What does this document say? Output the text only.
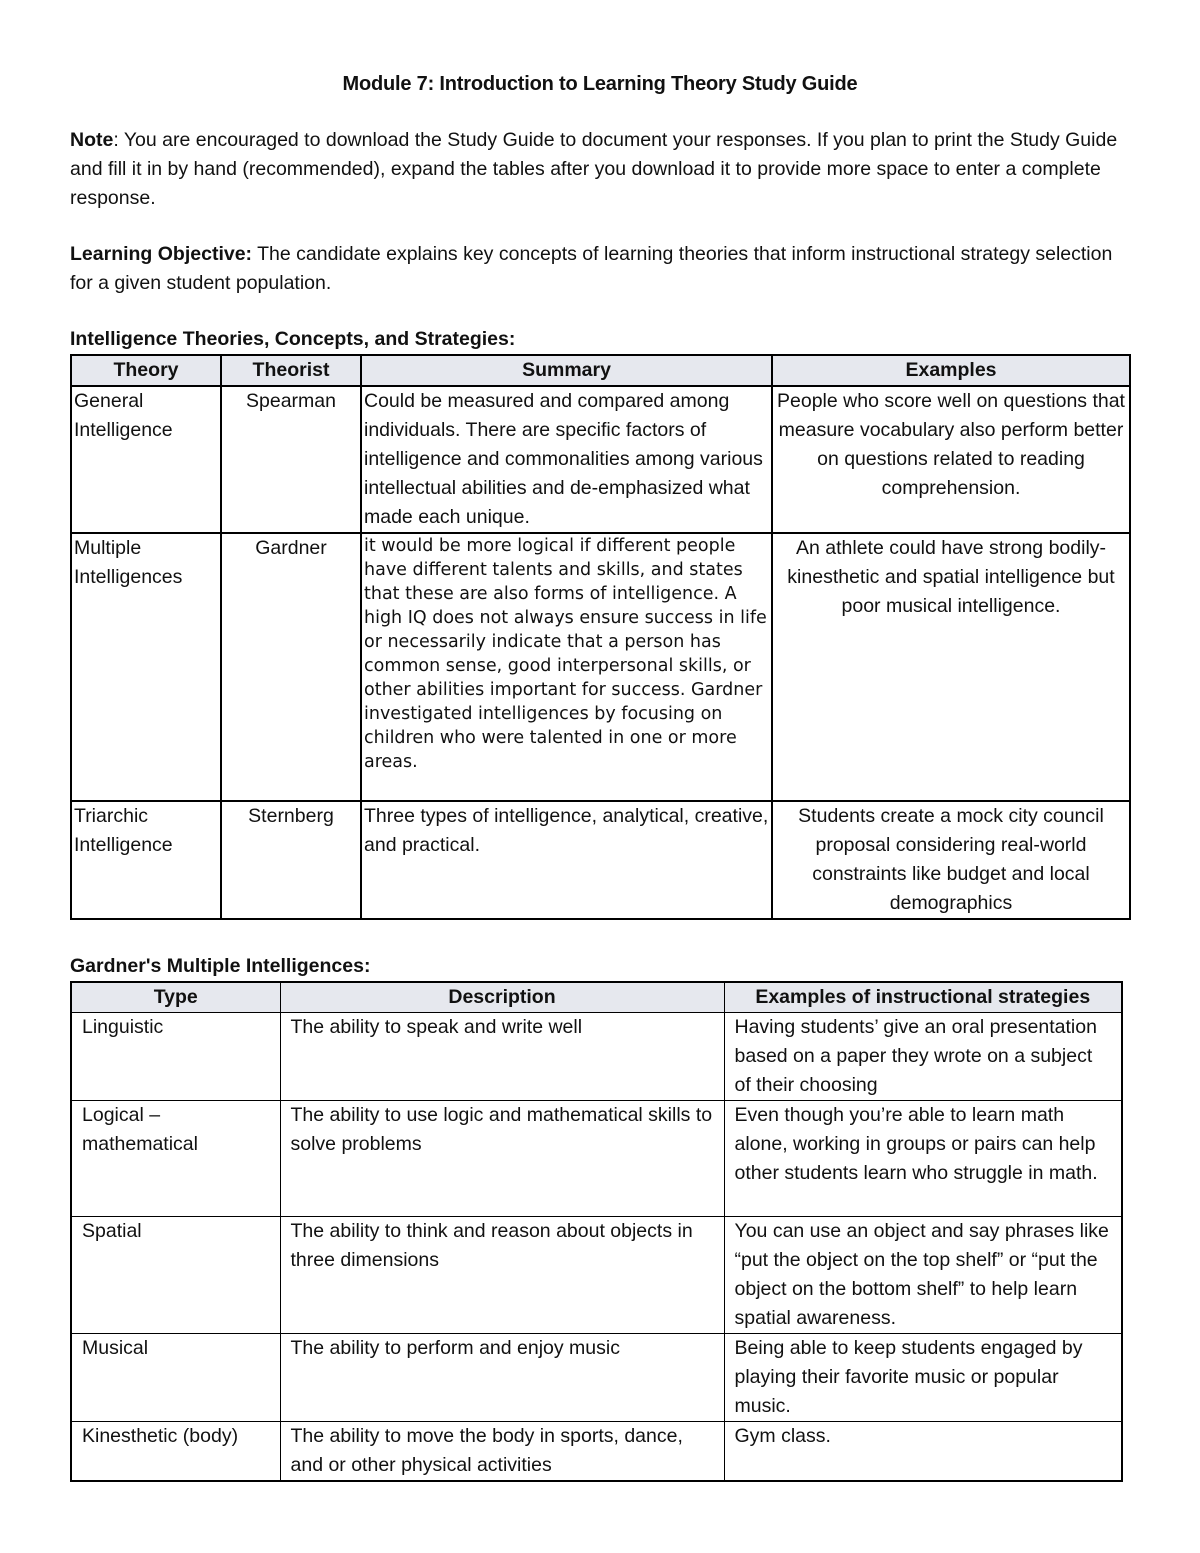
Module 7: Introduction to Learning Theory Study Guide

Note: You are encouraged to download the Study Guide to document your responses. If you plan to print the Study Guide and fill it in by hand (recommended), expand the tables after you download it to provide more space to enter a complete response.

Learning Objective: The candidate explains key concepts of learning theories that inform instructional strategy selection for a given student population.

Intelligence Theories, Concepts, and Strategies:
Theory	Theorist	Summary	Examples
General Intelligence	Spearman	Could be measured and compared among individuals. There are specific factors of intelligence and commonalities among various intellectual abilities and de-emphasized what made each unique.	People who score well on questions that measure vocabulary also perform better on questions related to reading comprehension.
Multiple Intelligences	Gardner	it would be more logical if different people have different talents and skills, and states that these are also forms of intelligence. A high IQ does not always ensure success in life or necessarily indicate that a person has common sense, good interpersonal skills, or other abilities important for success. Gardner investigated intelligences by focusing on children who were talented in one or more areas.	An athlete could have strong bodily-kinesthetic and spatial intelligence but poor musical intelligence.
Triarchic Intelligence	Sternberg	Three types of intelligence, analytical, creative, and practical.	Students create a mock city council proposal considering real-world constraints like budget and local demographics
Gardner's Multiple Intelligences:
Type	Description	Examples of instructional strategies
Linguistic	The ability to speak and write well	Having students’ give an oral presentation based on a paper they wrote on a subject of their choosing
Logical – mathematical	The ability to use logic and mathematical skills to solve problems	Even though you’re able to learn math alone, working in groups or pairs can help other students learn who struggle in math.
Spatial	The ability to think and reason about objects in three dimensions	You can use an object and say phrases like “put the object on the top shelf” or “put the object on the bottom shelf” to help learn spatial awareness.
Musical	The ability to perform and enjoy music	Being able to keep students engaged by playing their favorite music or popular music.
Kinesthetic (body)	The ability to move the body in sports, dance, and or other physical activities	Gym class.
